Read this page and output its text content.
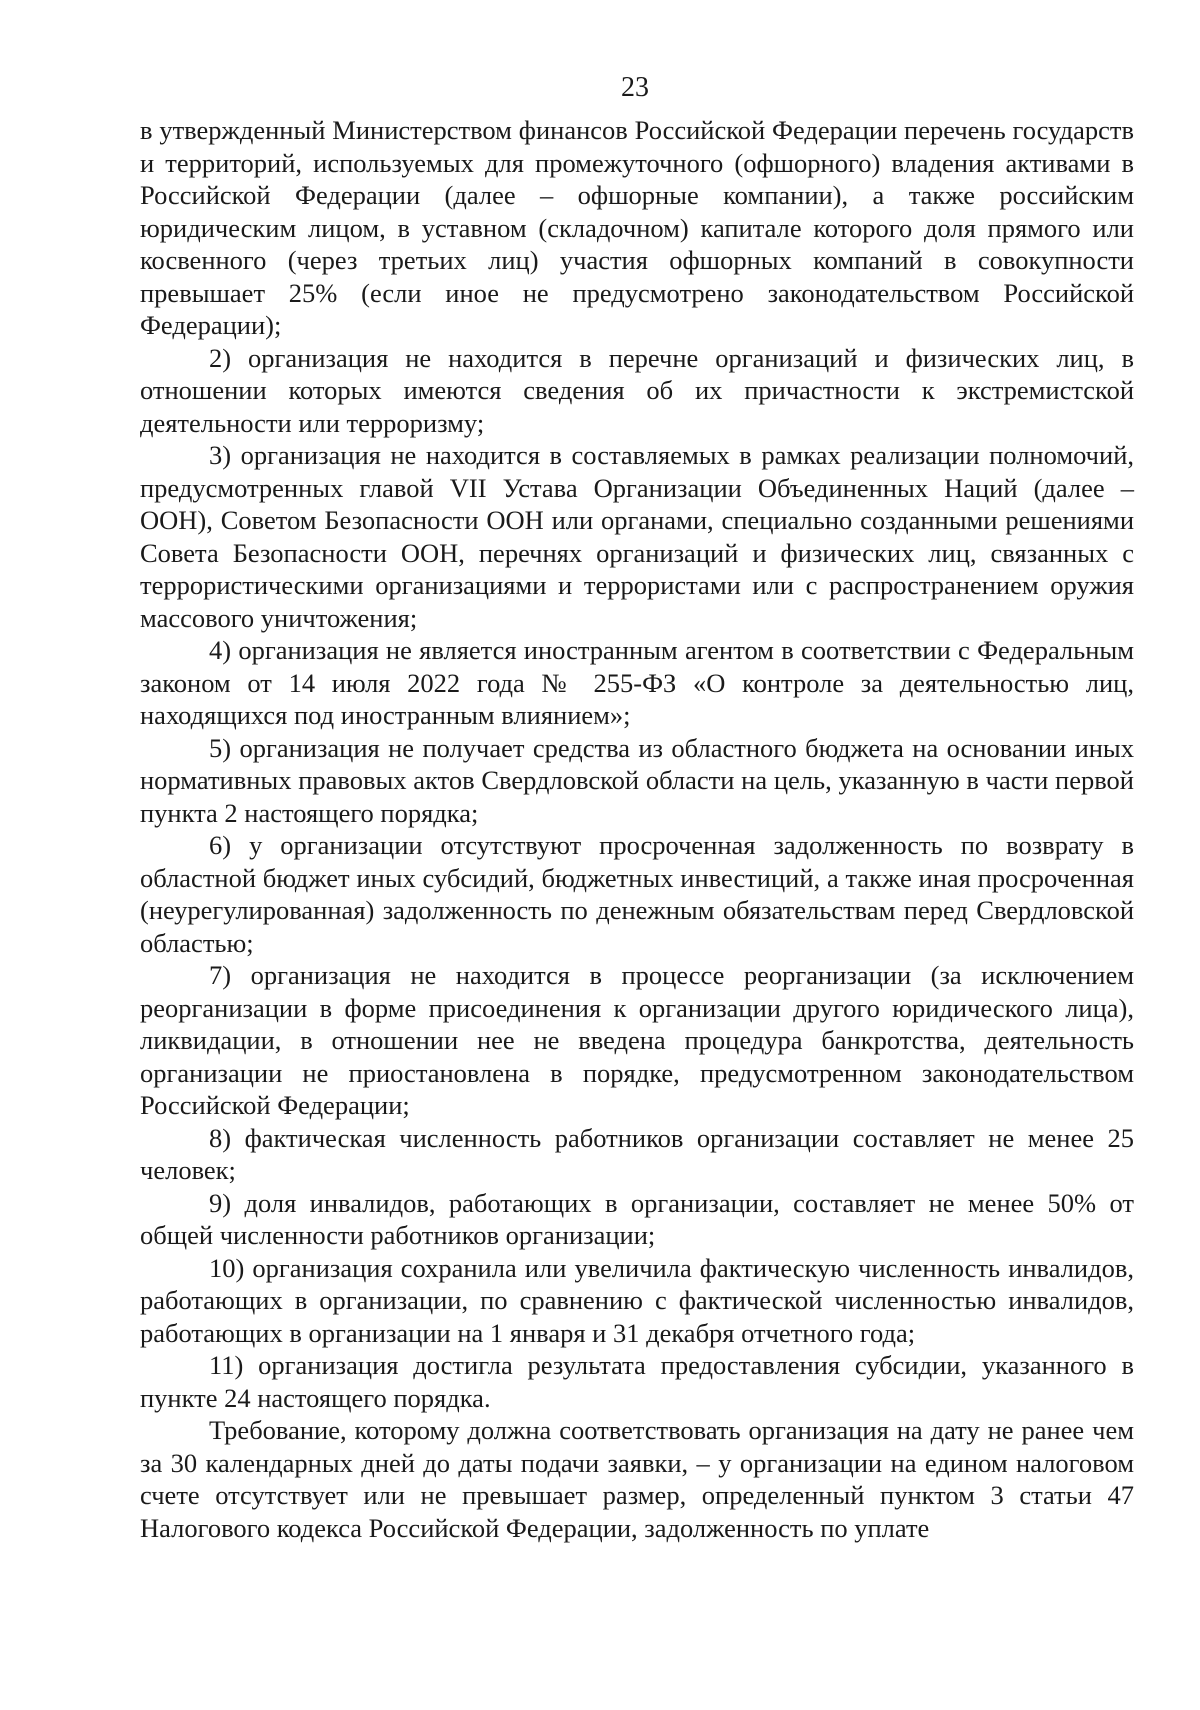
23

в утвержденный Министерством финансов Российской Федерации перечень государств и территорий, используемых для промежуточного (офшорного) владения активами в Российской Федерации (далее – офшорные компании), а также российским юридическим лицом, в уставном (складочном) капитале которого доля прямого или косвенного (через третьих лиц) участия офшорных компаний в совокупности превышает 25% (если иное не предусмотрено законодательством Российской Федерации);

2) организация не находится в перечне организаций и физических лиц, в отношении которых имеются сведения об их причастности к экстремистской деятельности или терроризму;

3) организация не находится в составляемых в рамках реализации полномочий, предусмотренных главой VII Устава Организации Объединенных Наций (далее – ООН), Советом Безопасности ООН или органами, специально созданными решениями Совета Безопасности ООН, перечнях организаций и физических лиц, связанных с террористическими организациями и террористами или с распространением оружия массового уничтожения;

4) организация не является иностранным агентом в соответствии с Федеральным законом от 14 июля 2022 года № 255-ФЗ «О контроле за деятельностью лиц, находящихся под иностранным влиянием»;

5) организация не получает средства из областного бюджета на основании иных нормативных правовых актов Свердловской области на цель, указанную в части первой пункта 2 настоящего порядка;

6) у организации отсутствуют просроченная задолженность по возврату в областной бюджет иных субсидий, бюджетных инвестиций, а также иная просроченная (неурегулированная) задолженность по денежным обязательствам перед Свердловской областью;

7) организация не находится в процессе реорганизации (за исключением реорганизации в форме присоединения к организации другого юридического лица), ликвидации, в отношении нее не введена процедура банкротства, деятельность организации не приостановлена в порядке, предусмотренном законодательством Российской Федерации;

8) фактическая численность работников организации составляет не менее 25 человек;

9) доля инвалидов, работающих в организации, составляет не менее 50% от общей численности работников организации;

10) организация сохранила или увеличила фактическую численность инвалидов, работающих в организации, по сравнению с фактической численностью инвалидов, работающих в организации на 1 января и 31 декабря отчетного года;

11) организация достигла результата предоставления субсидии, указанного в пункте 24 настоящего порядка.

Требование, которому должна соответствовать организация на дату не ранее чем за 30 календарных дней до даты подачи заявки, – у организации на едином налоговом счете отсутствует или не превышает размер, определенный пунктом 3 статьи 47 Налогового кодекса Российской Федерации, задолженность по уплате
